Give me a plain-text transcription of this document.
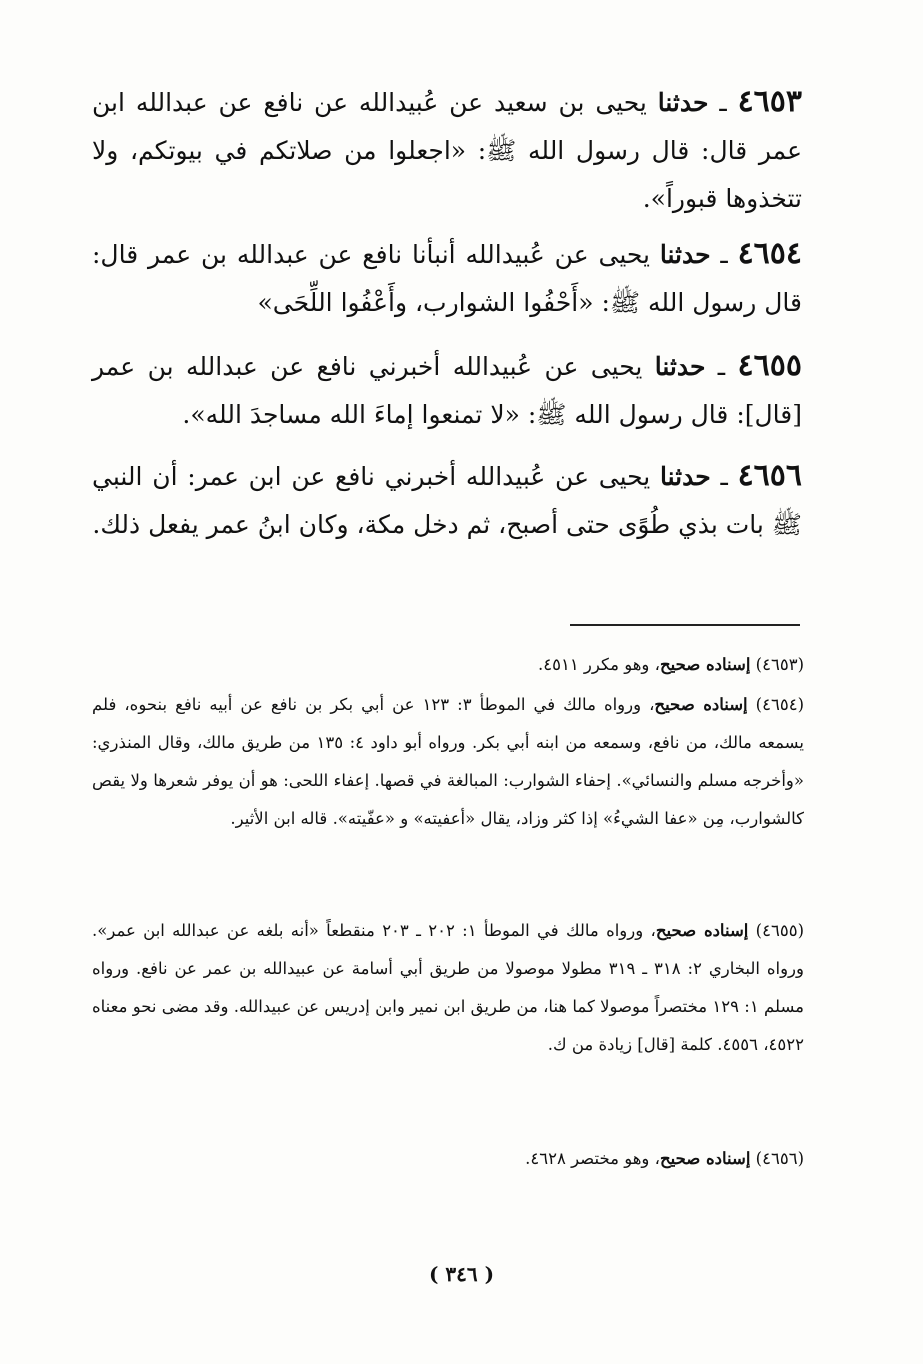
٤٦٥٣ ـ حدثنا يحيى بن سعيد عن عُبيدالله عن نافع عن عبدالله ابن عمر قال: قال رسول الله ﷺ: «اجعلوا من صلاتكم في بيوتكم، ولا تتخذوها قبوراً».

٤٦٥٤ ـ حدثنا يحيى عن عُبيدالله أنبأنا نافع عن عبدالله بن عمر قال: قال رسول الله ﷺ: «أَحْفُوا الشوارب، وأَعْفُوا اللِّحَى»

٤٦٥٥ ـ حدثنا يحيى عن عُبيدالله أخبرني نافع عن عبدالله بن عمر [قال]: قال رسول الله ﷺ: «لا تمنعوا إماءَ الله مساجدَ الله».

٤٦٥٦ ـ حدثنا يحيى عن عُبيدالله أخبرني نافع عن ابن عمر: أن النبي ﷺ بات بذي طُوًى حتى أصبح، ثم دخل مكة، وكان ابنُ عمر يفعل ذلك.

(٤٦٥٣) إسناده صحيح، وهو مكرر ٤٥١١.

(٤٦٥٤) إسناده صحيح، ورواه مالك في الموطأ ٣: ١٢٣ عن أبي بكر بن نافع عن أبيه نافع بنحوه، فلم يسمعه مالك، من نافع، وسمعه من ابنه أبي بكر. ورواه أبو داود ٤: ١٣٥ من طريق مالك، وقال المنذري: «وأخرجه مسلم والنسائي». إحفاء الشوارب: المبالغة في قصها. إعفاء اللحى: هو أن يوفر شعرها ولا يقص كالشوارب، مِن «عفا الشيءُ» إذا كثر وزاد، يقال «أعفيته» و «عفّيته». قاله ابن الأثير.

(٤٦٥٥) إسناده صحيح، ورواه مالك في الموطأ ١: ٢٠٢ ـ ٢٠٣ منقطعاً «أنه بلغه عن عبدالله ابن عمر». ورواه البخاري ٢: ٣١٨ ـ ٣١٩ مطولا موصولا من طريق أبي أسامة عن عبيدالله بن عمر عن نافع. ورواه مسلم ١: ١٢٩ مختصراً موصولا كما هنا، من طريق ابن نمير وابن إدريس عن عبيدالله. وقد مضى نحو معناه ٤٥٢٢، ٤٥٥٦. كلمة [قال] زيادة من ك.

(٤٦٥٦) إسناده صحيح، وهو مختصر ٤٦٢٨.

( ٣٤٦ )
